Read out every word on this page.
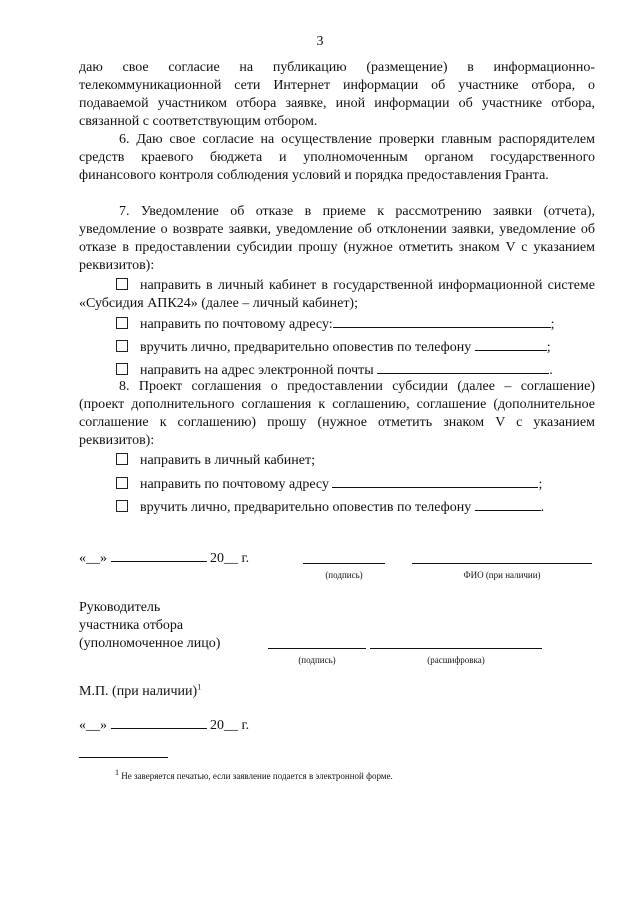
3
даю свое согласие на публикацию (размещение) в информационно-телекоммуникационной сети Интернет информации об участнике отбора, о подаваемой участником отбора заявке, иной информации об участнике отбора, связанной с соответствующим отбором.
6. Даю свое согласие на осуществление проверки главным распорядителем средств краевого бюджета и уполномоченным органом государственного финансового контроля соблюдения условий и порядка предоставления Гранта.
7. Уведомление об отказе в приеме к рассмотрению заявки (отчета), уведомление о возврате заявки, уведомление об отклонении заявки, уведомление об отказе в предоставлении субсидии прошу (нужное отметить знаком V с указанием реквизитов):
направить в личный кабинет в государственной информационной системе «Субсидия АПК24» (далее – личный кабинет);
направить по почтовому адресу:	;
вручить лично, предварительно оповестив по телефону	;
направить на адрес электронной почты	.
8. Проект соглашения о предоставлении субсидии (далее – соглашение) (проект дополнительного соглашения к соглашению, соглашение (дополнительное соглашение к соглашению) прошу (нужное отметить знаком V с указанием реквизитов):
направить в личный кабинет;
направить по почтовому адресу	;
вручить лично, предварительно оповестив по телефону	.
«__»	20__ г.
(подпись)	ФИО (при наличии)
Руководитель
участника отбора
(уполномоченное лицо)
(подпись)	(расшифровка)
М.П. (при наличии)$^1$
«__»	20__ г.
$^1$ Не заверяется печатью, если заявление подается в электронной форме.
